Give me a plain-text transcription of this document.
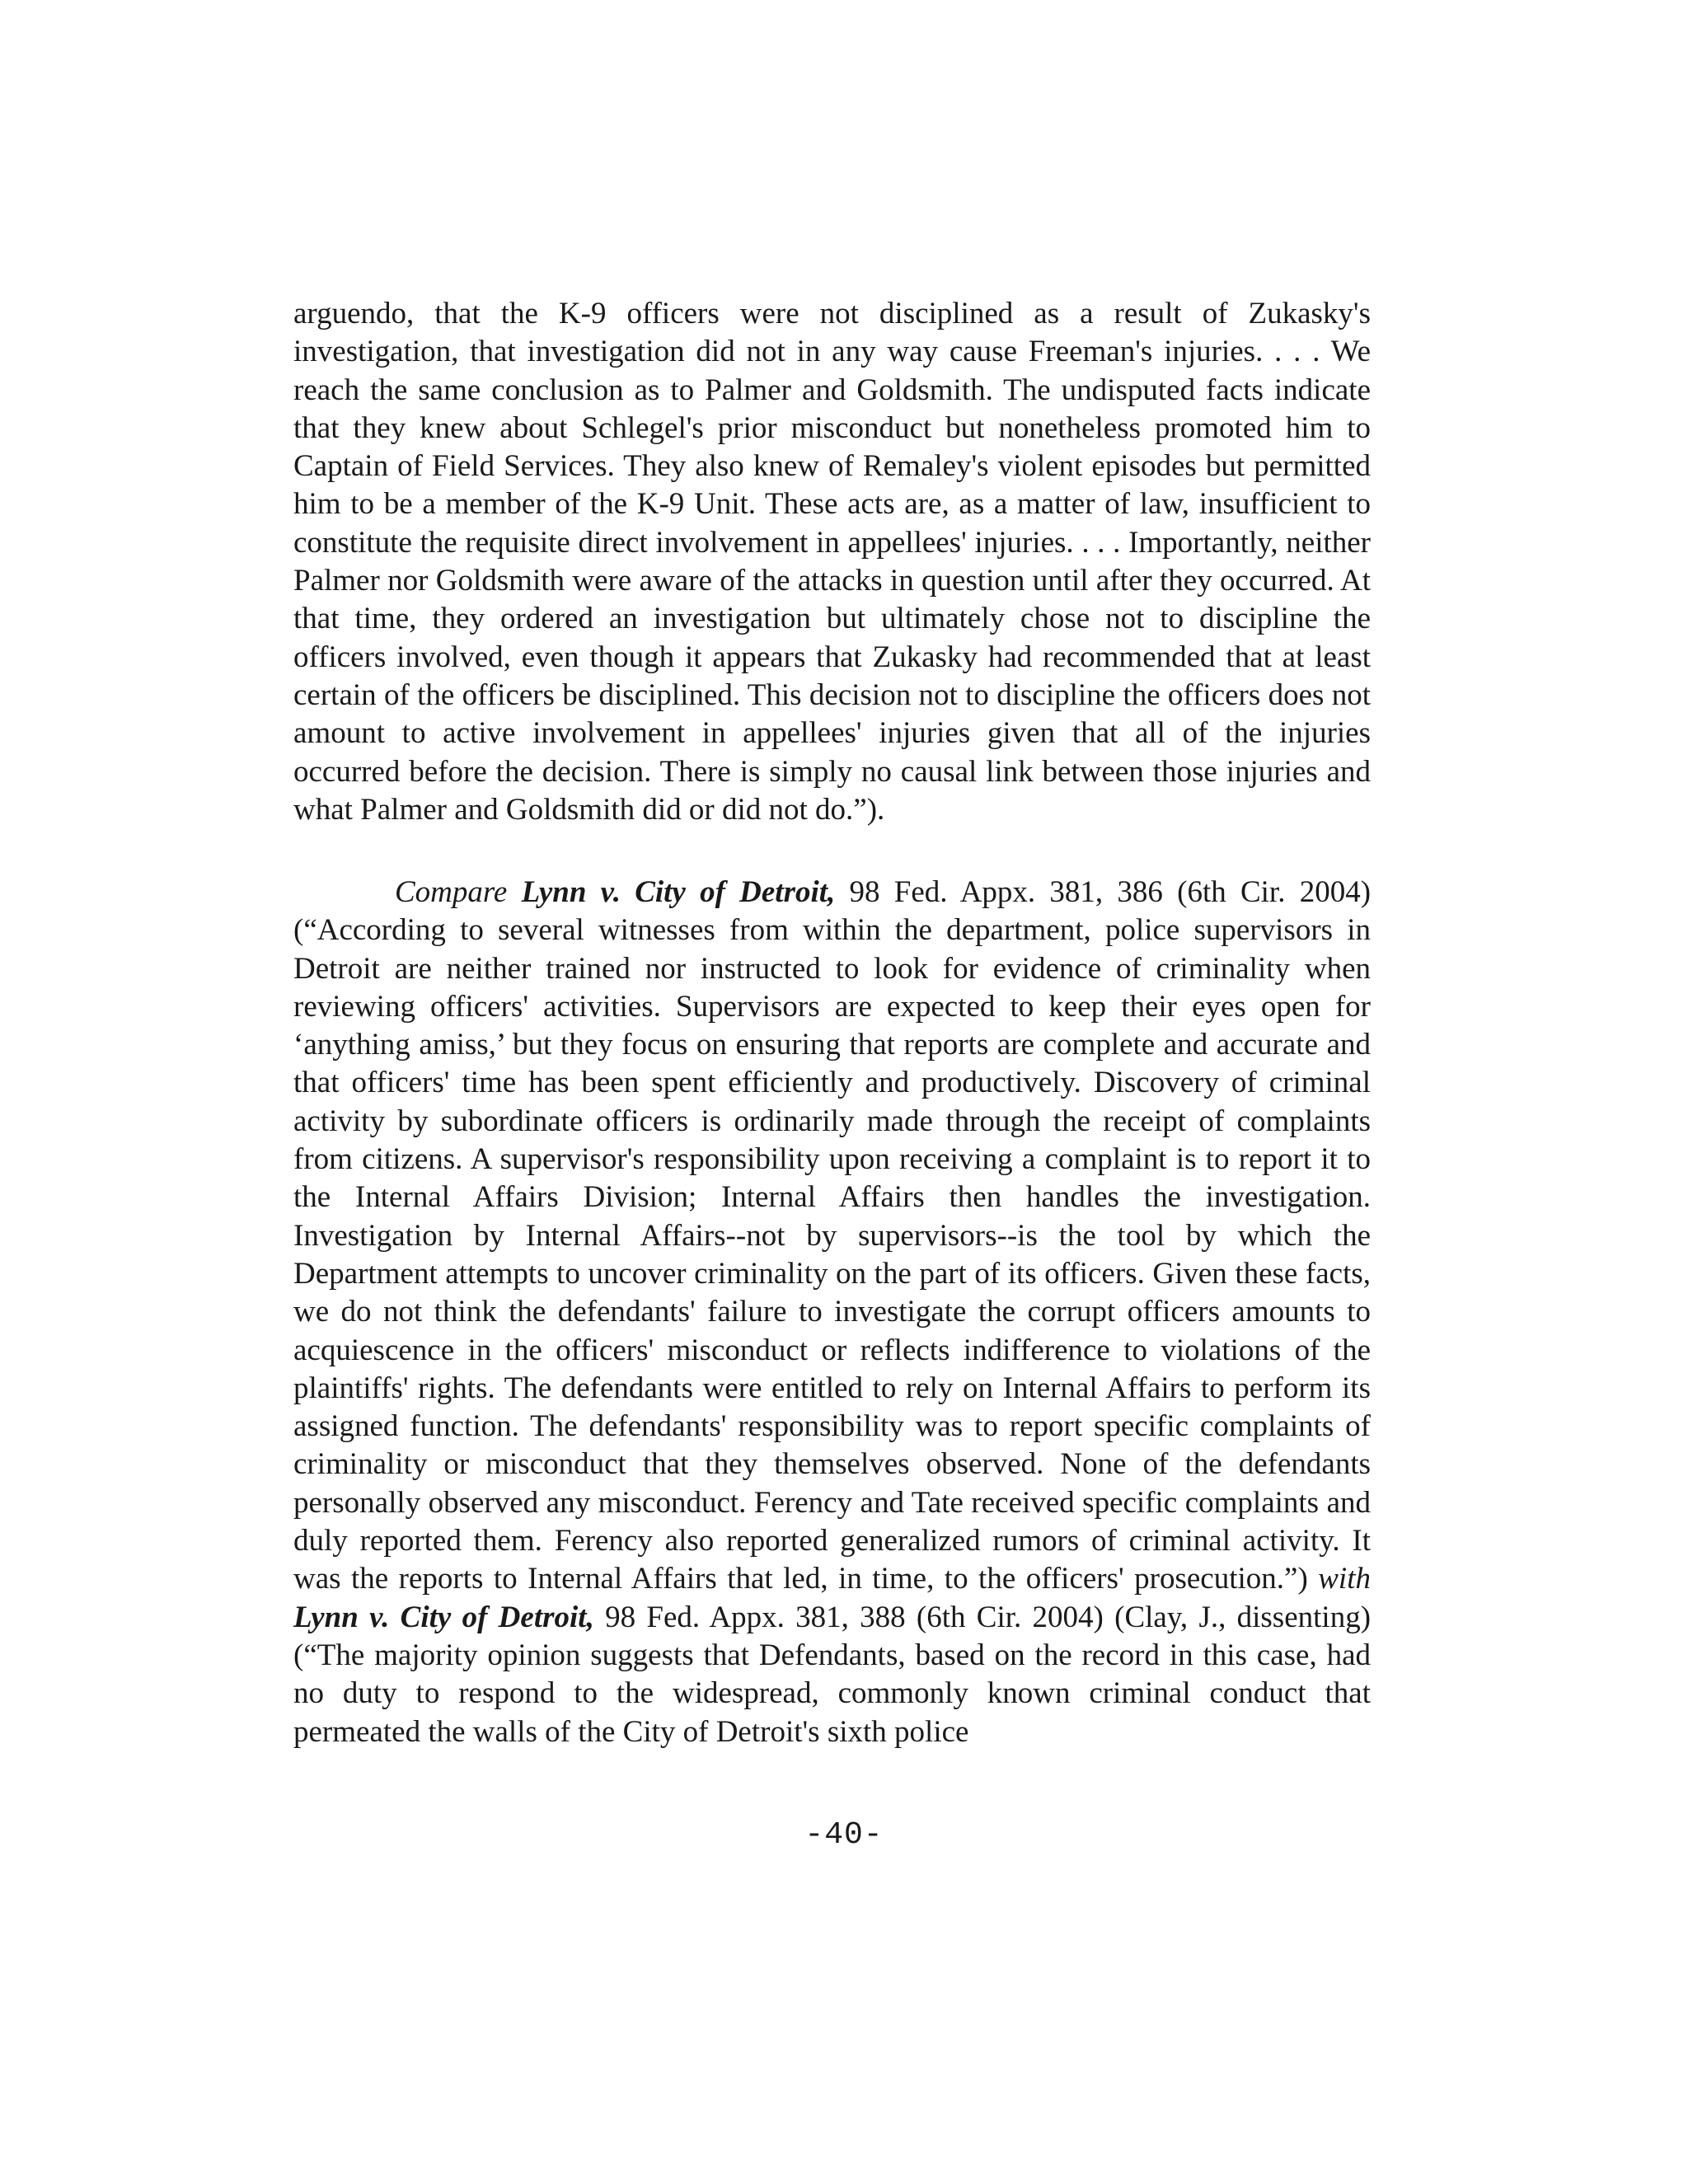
arguendo, that the K-9 officers were not disciplined as a result of Zukasky's investigation, that investigation did not in any way cause Freeman's injuries. . . . We reach the same conclusion as to Palmer and Goldsmith. The undisputed facts indicate that they knew about Schlegel's prior misconduct but nonetheless promoted him to Captain of Field Services. They also knew of Remaley's violent episodes but permitted him to be a member of the K-9 Unit. These acts are, as a matter of law, insufficient to constitute the requisite direct involvement in appellees' injuries. . . . Importantly, neither Palmer nor Goldsmith were aware of the attacks in question until after they occurred. At that time, they ordered an investigation but ultimately chose not to discipline the officers involved, even though it appears that Zukasky had recommended that at least certain of the officers be disciplined. This decision not to discipline the officers does not amount to active involvement in appellees' injuries given that all of the injuries occurred before the decision. There is simply no causal link between those injuries and what Palmer and Goldsmith did or did not do.”).

Compare Lynn v. City of Detroit, 98 Fed. Appx. 381, 386 (6th Cir. 2004) (“According to several witnesses from within the department, police supervisors in Detroit are neither trained nor instructed to look for evidence of criminality when reviewing officers' activities. Supervisors are expected to keep their eyes open for ‘anything amiss,’ but they focus on ensuring that reports are complete and accurate and that officers' time has been spent efficiently and productively. Discovery of criminal activity by subordinate officers is ordinarily made through the receipt of complaints from citizens. A supervisor's responsibility upon receiving a complaint is to report it to the Internal Affairs Division; Internal Affairs then handles the investigation. Investigation by Internal Affairs--not by supervisors--is the tool by which the Department attempts to uncover criminality on the part of its officers. Given these facts, we do not think the defendants' failure to investigate the corrupt officers amounts to acquiescence in the officers' misconduct or reflects indifference to violations of the plaintiffs' rights. The defendants were entitled to rely on Internal Affairs to perform its assigned function. The defendants' responsibility was to report specific complaints of criminality or misconduct that they themselves observed. None of the defendants personally observed any misconduct. Ferency and Tate received specific complaints and duly reported them. Ferency also reported generalized rumors of criminal activity. It was the reports to Internal Affairs that led, in time, to the officers' prosecution.”) with Lynn v. City of Detroit, 98 Fed. Appx. 381, 388 (6th Cir. 2004) (Clay, J., dissenting) (“The majority opinion suggests that Defendants, based on the record in this case, had no duty to respond to the widespread, commonly known criminal conduct that permeated the walls of the City of Detroit's sixth police

-40-
